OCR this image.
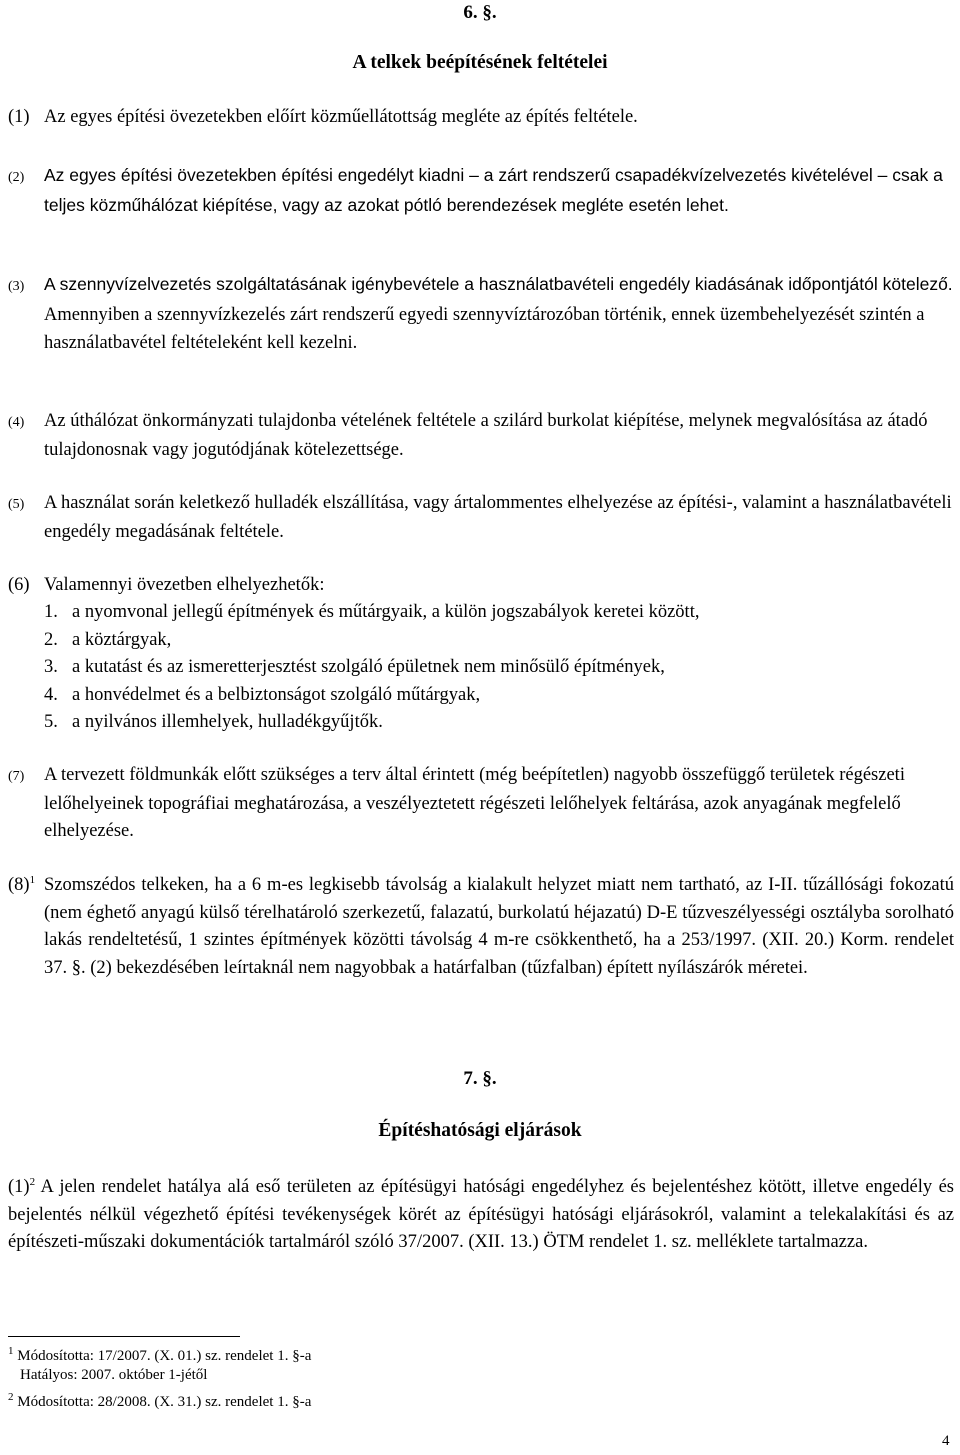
6. §.
A telkek beépítésének feltételei
(1) Az egyes építési övezetekben előírt közműellátottság megléte az építés feltétele.
(2) Az egyes építési övezetekben építési engedélyt kiadni – a zárt rendszerű csapadékvízelvezetés kivételével – csak a teljes közműhálózat kiépítése, vagy az azokat pótló berendezések megléte esetén lehet.
(3) A szennyvízelvezetés szolgáltatásának igénybevétele a használatbavételi engedély kiadásának időpontjától kötelező. Amennyiben a szennyvízkezelés zárt rendszerű egyedi szennyvíztározóban történik, ennek üzembehelyezését szintén a használatbavétel feltételeként kell kezelni.
(4) Az úthálózat önkormányzati tulajdonba vételének feltétele a szilárd burkolat kiépítése, melynek megvalósítása az átadó tulajdonosnak vagy jogutódjának kötelezettsége.
(5) A használat során keletkező hulladék elszállítása, vagy ártalommentes elhelyezése az építési-, valamint a használatbavételi engedély megadásának feltétele.
(6) Valamennyi övezetben elhelyezhetők:
1. a nyomvonal jellegű építmények és műtárgyaik, a külön jogszabályok keretei között,
2. a köztárgyak,
3. a kutatást és az ismeretterjesztést szolgáló épületnek nem minősülő építmények,
4. a honvédelmet és a belbiztonságot szolgáló műtárgyak,
5. a nyilvános illemhelyek, hulladékgyűjtők.
(7) A tervezett földmunkák előtt szükséges a terv által érintett (még beépítetlen) nagyobb összefüggő területek régészeti lelőhelyeinek topográfiai meghatározása, a veszélyeztetett régészeti lelőhelyek feltárása, azok anyagának megfelelő elhelyezése.
$(8)^1$ Szomszédos telkeken, ha a 6 m-es legkisebb távolság a kialakult helyzet miatt nem tartható, az I-II. tűzállósági fokozatú (nem éghető anyagú külső térelhatároló szerkezetű, falazatú, burkolatú héjazatú) D-E tűzveszélyességi osztályba sorolható lakás rendeltetésű, 1 szintes építmények közötti távolság 4 m-re csökkenthető, ha a 253/1997. (XII. 20.) Korm. rendelet 37. §. (2) bekezdésében leírtaknál nem nagyobbak a határfalban (tűzfalban) épített nyílászárók méretei.
7. §.
Építéshatósági eljárások
$(1)^2$ A jelen rendelet hatálya alá eső területen az építésügyi hatósági engedélyhez és bejelentéshez kötött, illetve engedély és bejelentés nélkül végezhető építési tevékenységek körét az építésügyi hatósági eljárásokról, valamint a telekalakítási és az építészeti-műszaki dokumentációk tartalmáról szóló 37/2007. (XII. 13.) ÖTM rendelet 1. sz. melléklete tartalmazza.
$^1$ Módosította: 17/2007. (X. 01.) sz. rendelet 1. §-a
Hatályos: 2007. október 1-jétől
$^2$ Módosította: 28/2008. (X. 31.) sz. rendelet 1. §-a
4
